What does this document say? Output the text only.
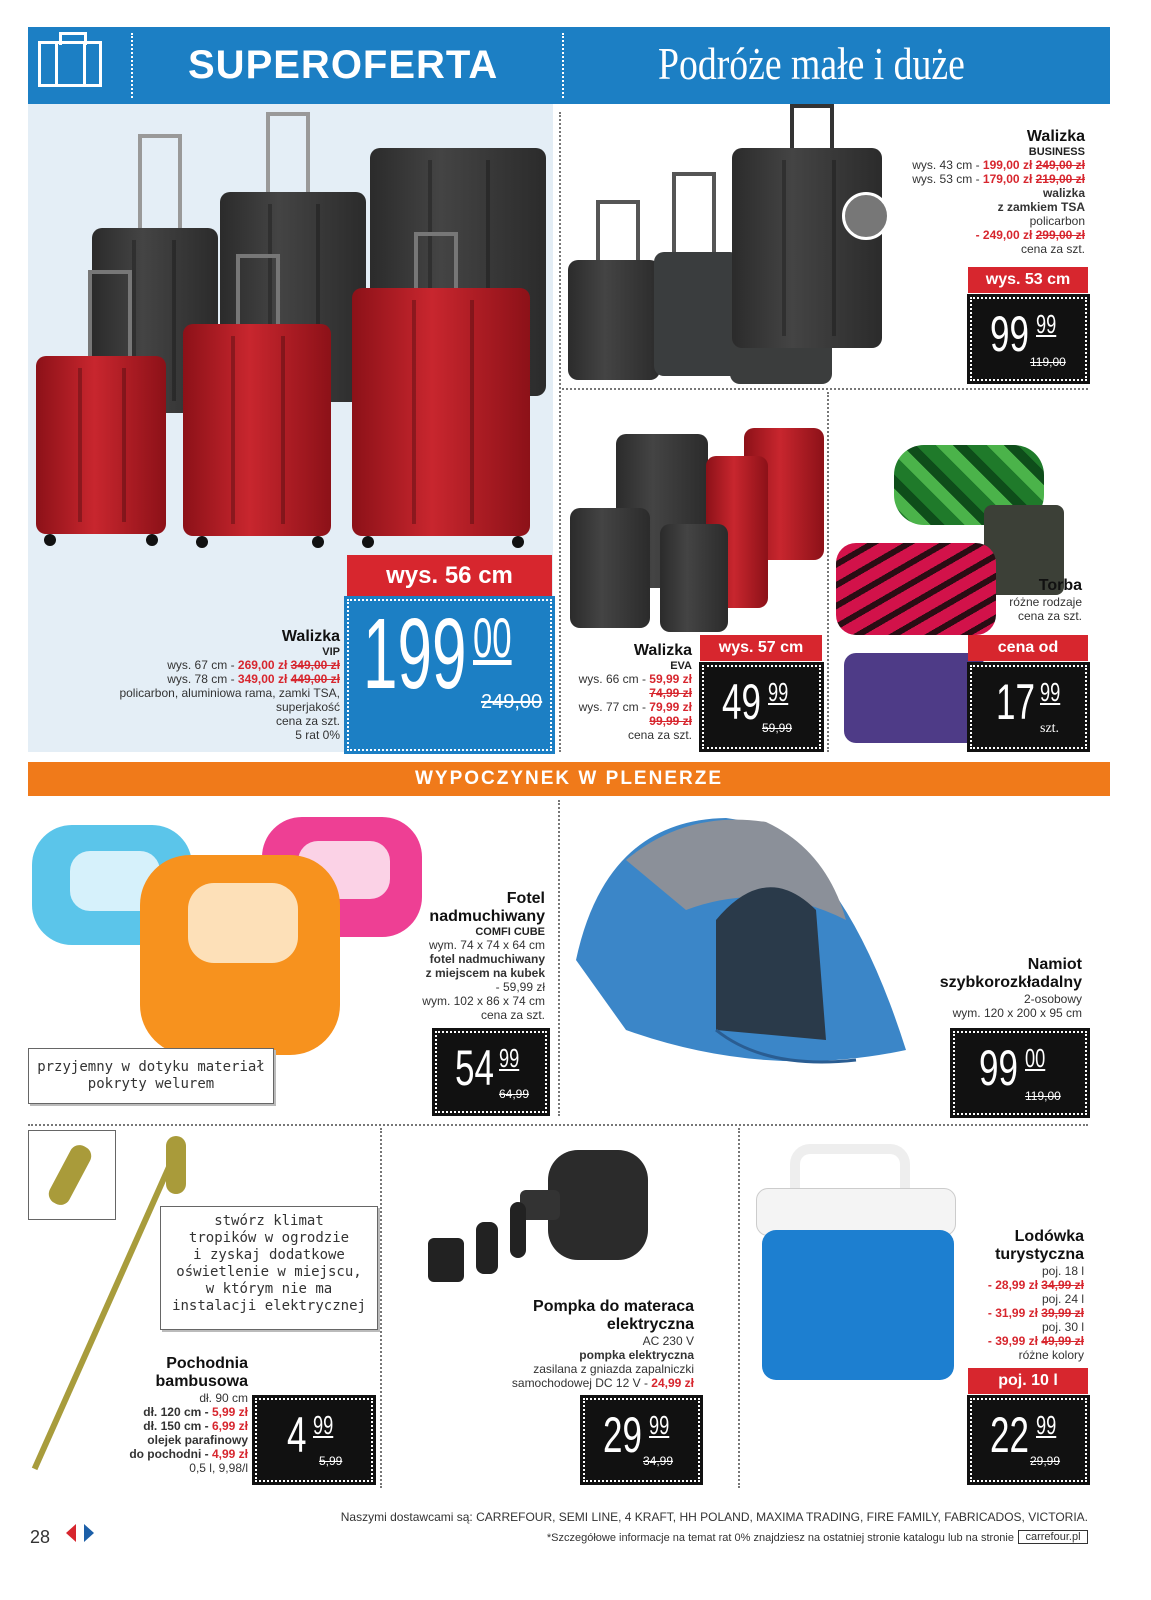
SUPEROFERTA	Podróże małe i duże
wys. 56 cm
199 00
249,00
Walizka
VIP
wys. 67 cm - 269,00 zł 349,00 zł
wys. 78 cm - 349,00 zł 449,00 zł
policarbon, aluminiowa rama, zamki TSA,
superjakość
cena za szt.
5 rat 0%
Walizka
BUSINESS
wys. 43 cm - 199,00 zł 249,00 zł
wys. 53 cm - 179,00 zł 219,00 zł
walizka
z zamkiem TSA
policarbon
- 249,00 zł 299,00 zł
cena za szt.
wys. 53 cm
99 99
119,00
Walizka
EVA
wys. 66 cm - 59,99 zł
74,99 zł
wys. 77 cm - 79,99 zł
99,99 zł
cena za szt.
wys. 57 cm
49 99
59,99
Torba
różne rodzaje
cena za szt.
cena od
17 99
szt.
WYPOCZYNEK W PLENERZE
przyjemny w dotyku materiał
pokryty welurem
Fotel
nadmuchiwany
COMFI CUBE
wym. 74 x 74 x 64 cm
fotel nadmuchiwany
z miejscem na kubek
- 59,99 zł
wym. 102 x 86 x 74 cm
cena za szt.
54 99
64,99
Namiot
szybkorozkładalny
2-osobowy
wym. 120 x 200 x 95 cm
99 00
119,00
stwórz klimat
tropików w ogrodzie
i zyskaj dodatkowe
oświetlenie w miejscu,
w którym nie ma
instalacji elektrycznej
Pochodnia
bambusowa
dł. 90 cm
dł. 120 cm - 5,99 zł
dł. 150 cm - 6,99 zł
olejek parafinowy
do pochodni - 4,99 zł
0,5 l, 9,98/l
4 99
5,99
Pompka do materaca
elektryczna
AC 230 V
pompka elektryczna
zasilana z gniazda zapalniczki
samochodowej DC 12 V - 24,99 zł
29 99
34,99
Lodówka
turystyczna
poj. 18 l
- 28,99 zł 34,99 zł
poj. 24 l
- 31,99 zł 39,99 zł
poj. 30 l
- 39,99 zł 49,99 zł
różne kolory
poj. 10 l
22 99
29,99
28
Naszymi dostawcami są: CARREFOUR, SEMI LINE, 4 KRAFT, HH POLAND, MAXIMA TRADING, FIRE FAMILY, FABRICADOS, VICTORIA.
*Szczegółowe informacje na temat rat 0% znajdziesz na ostatniej stronie katalogu lub na stronie	carrefour.pl
